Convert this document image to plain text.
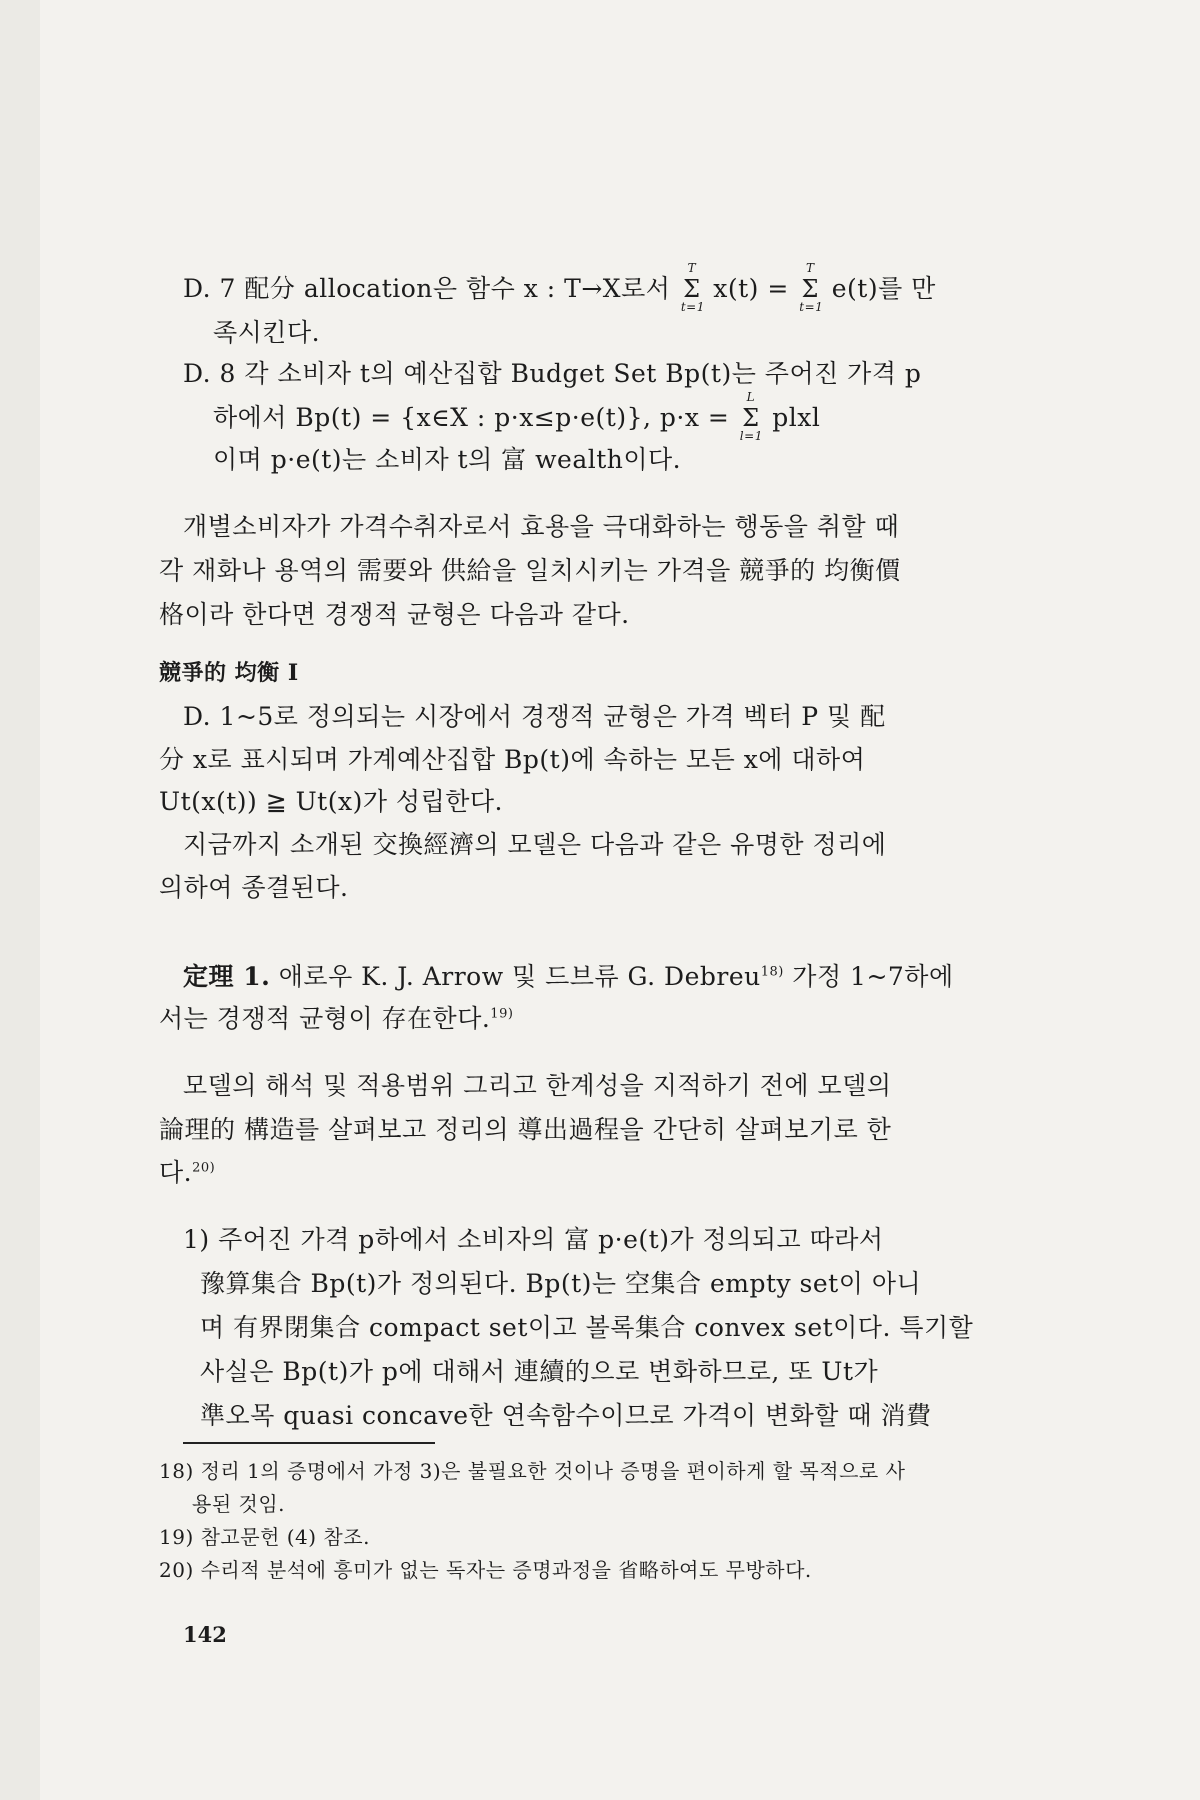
D. 7 配分 allocation은 함수 x : T→X로서
T
Σ
t=1
x(t) =
T
Σ
t=1
e(t)를 만
족시킨다.
D. 8 각 소비자 t의 예산집합 Budget Set Bp(t)는 주어진 가격 p
하에서 Bp(t) = {x∈X : p·x≤p·e(t)}, p·x =
L
Σ
l=1
plxl
이며 p·e(t)는 소비자 t의 富 wealth이다.
개별소비자가 가격수취자로서 효용을 극대화하는 행동을 취할 때
각 재화나 용역의 需要와 供給을 일치시키는 가격을 競爭的 均衡價
格이라 한다면 경쟁적 균형은 다음과 같다.
競爭的 均衡 I
D. 1~5로 정의되는 시장에서 경쟁적 균형은 가격 벡터 P 및 配
分 x로 표시되며 가계예산집합 Bp(t)에 속하는 모든 x에 대하여
Ut(x(t)) ≧ Ut(x)가 성립한다.
지금까지 소개된 交換經濟의 모델은 다음과 같은 유명한 정리에
의하여 종결된다.
定理 1. 애로우 K. J. Arrow 및 드브류 G. Debreu$^{18)}$ 가정 1~7하에
서는 경쟁적 균형이 存在한다.$^{19)}$
모델의 해석 및 적용범위 그리고 한계성을 지적하기 전에 모델의
論理的 構造를 살펴보고 정리의 導出過程을 간단히 살펴보기로 한
다.$^{20)}$
1) 주어진 가격 p하에서 소비자의 富 p·e(t)가 정의되고 따라서
豫算集合 Bp(t)가 정의된다. Bp(t)는 空集合 empty set이 아니
며 有界閉集合 compact set이고 볼록集合 convex set이다. 특기할
사실은 Bp(t)가 p에 대해서 連續的으로 변화하므로, 또 Ut가
準오목 quasi concave한 연속함수이므로 가격이 변화할 때 消費
18) 정리 1의 증명에서 가정 3)은 불필요한 것이나 증명을 편이하게 할 목적으로 사
용된 것임.
19) 참고문헌 (4) 참조.
20) 수리적 분석에 흥미가 없는 독자는 증명과정을 省略하여도 무방하다.
142
